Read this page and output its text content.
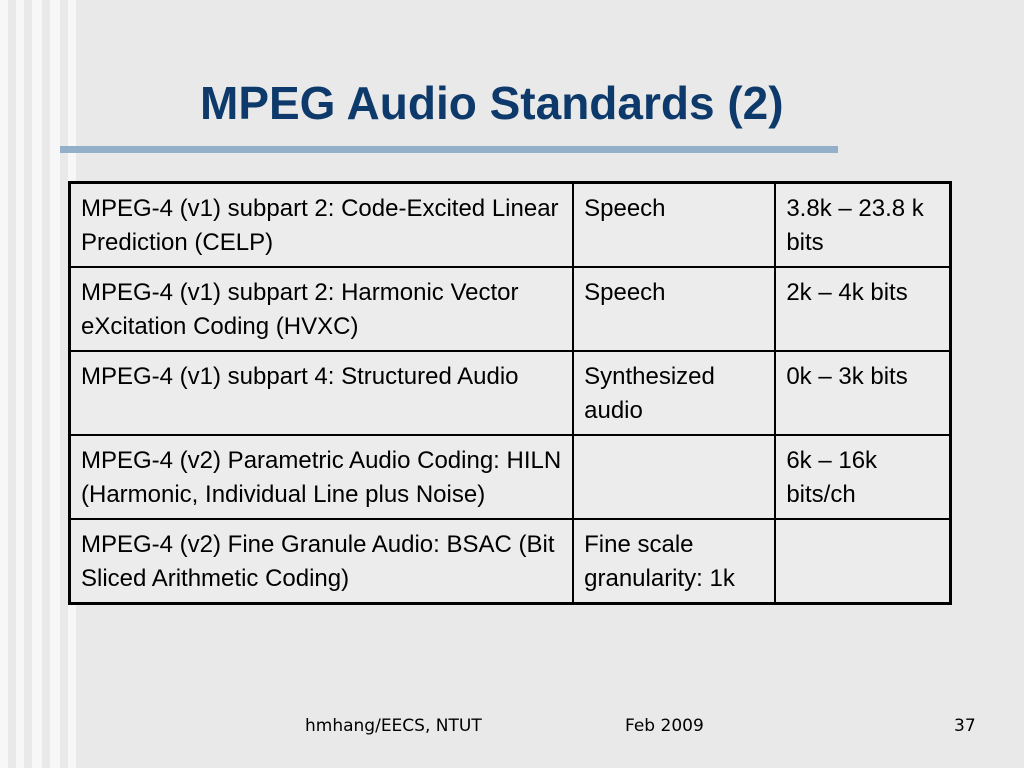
MPEG Audio Standards (2)
MPEG-4 (v1) subpart 2: Code-Excited Linear Prediction (CELP)	Speech	3.8k – 23.8 k bits
MPEG-4 (v1) subpart 2: Harmonic Vector eXcitation Coding (HVXC)	Speech	2k – 4k bits
MPEG-4 (v1) subpart 4: Structured Audio	Synthesized audio	0k – 3k bits
MPEG-4 (v2) Parametric Audio Coding: HILN (Harmonic, Individual Line plus Noise)		6k – 16k bits/ch
MPEG-4 (v2) Fine Granule Audio: BSAC (Bit Sliced Arithmetic Coding)	Fine scale granularity: 1k	
hmhang/EECS, NTUT	Feb 2009	37
